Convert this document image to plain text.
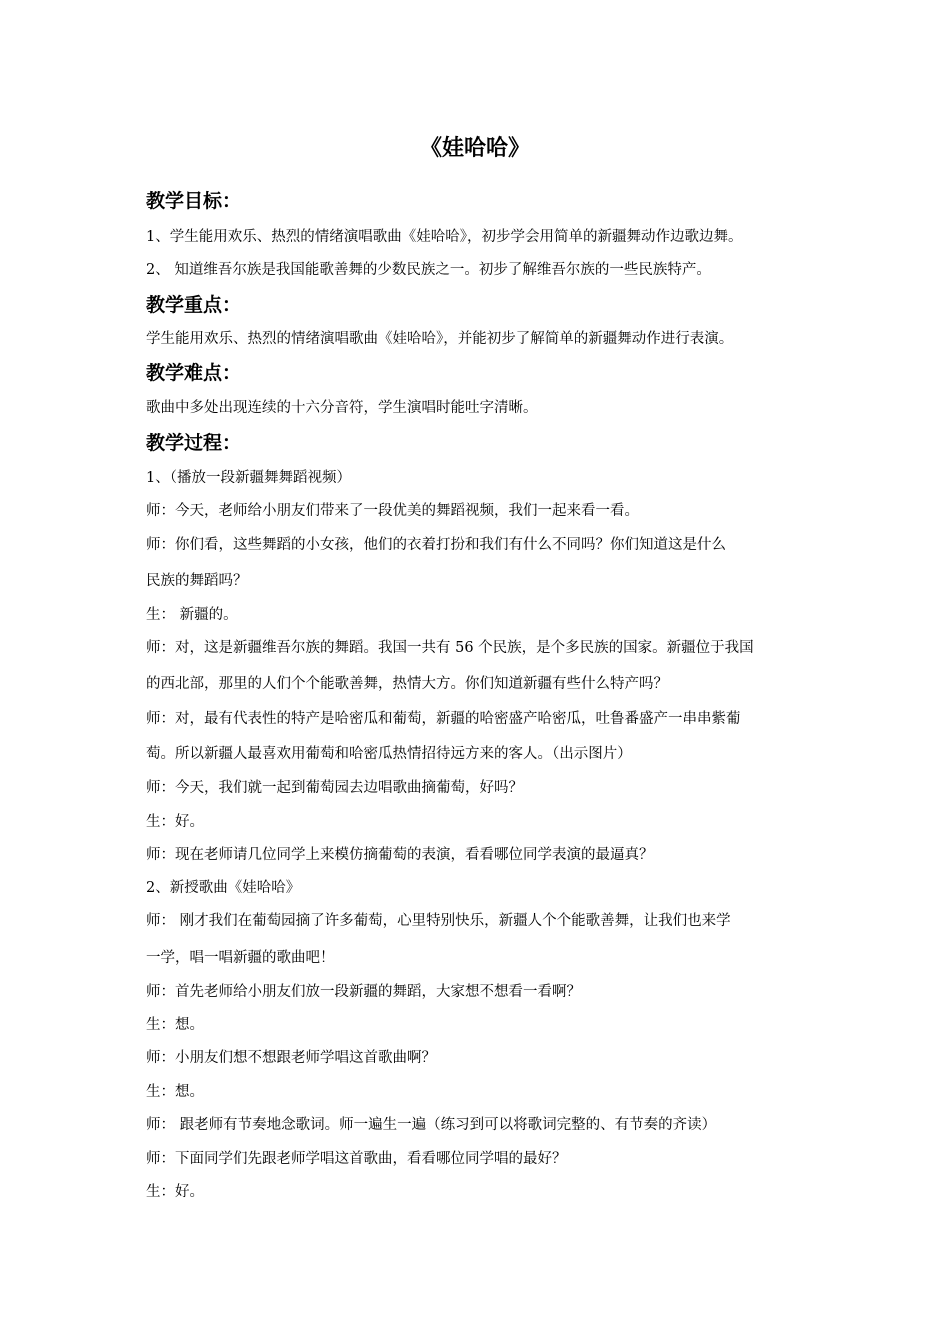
《娃哈哈》
教学目标：
1、学生能用欢乐、热烈的情绪演唱歌曲《娃哈哈》，初步学会用简单的新疆舞动作边歌边舞。
2、 知道维吾尔族是我国能歌善舞的少数民族之一。初步了解维吾尔族的一些民族特产。
教学重点：
学生能用欢乐、热烈的情绪演唱歌曲《娃哈哈》，并能初步了解简单的新疆舞动作进行表演。
教学难点：
歌曲中多处出现连续的十六分音符，学生演唱时能吐字清晰。
教学过程：
1、（播放一段新疆舞舞蹈视频）
师：今天，老师给小朋友们带来了一段优美的舞蹈视频，我们一起来看一看。
师：你们看，这些舞蹈的小女孩，他们的衣着打扮和我们有什么不同吗？你们知道这是什么
民族的舞蹈吗？
生： 新疆的。
师：对，这是新疆维吾尔族的舞蹈。我国一共有 56 个民族，是个多民族的国家。新疆位于我国
的西北部，那里的人们个个能歌善舞，热情大方。你们知道新疆有些什么特产吗？
师：对，最有代表性的特产是哈密瓜和葡萄，新疆的哈密盛产哈密瓜，吐鲁番盛产一串串紫葡
萄。所以新疆人最喜欢用葡萄和哈密瓜热情招待远方来的客人。（出示图片）
师：今天，我们就一起到葡萄园去边唱歌曲摘葡萄，好吗？
生：好。
师：现在老师请几位同学上来模仿摘葡萄的表演，看看哪位同学表演的最逼真？
2、新授歌曲《娃哈哈》
师： 刚才我们在葡萄园摘了许多葡萄，心里特别快乐，新疆人个个能歌善舞，让我们也来学
一学，唱一唱新疆的歌曲吧！
师：首先老师给小朋友们放一段新疆的舞蹈，大家想不想看一看啊？
生：想。
师：小朋友们想不想跟老师学唱这首歌曲啊？
生：想。
师： 跟老师有节奏地念歌词。师一遍生一遍（练习到可以将歌词完整的、有节奏的齐读）
师：下面同学们先跟老师学唱这首歌曲，看看哪位同学唱的最好？
生：好。
